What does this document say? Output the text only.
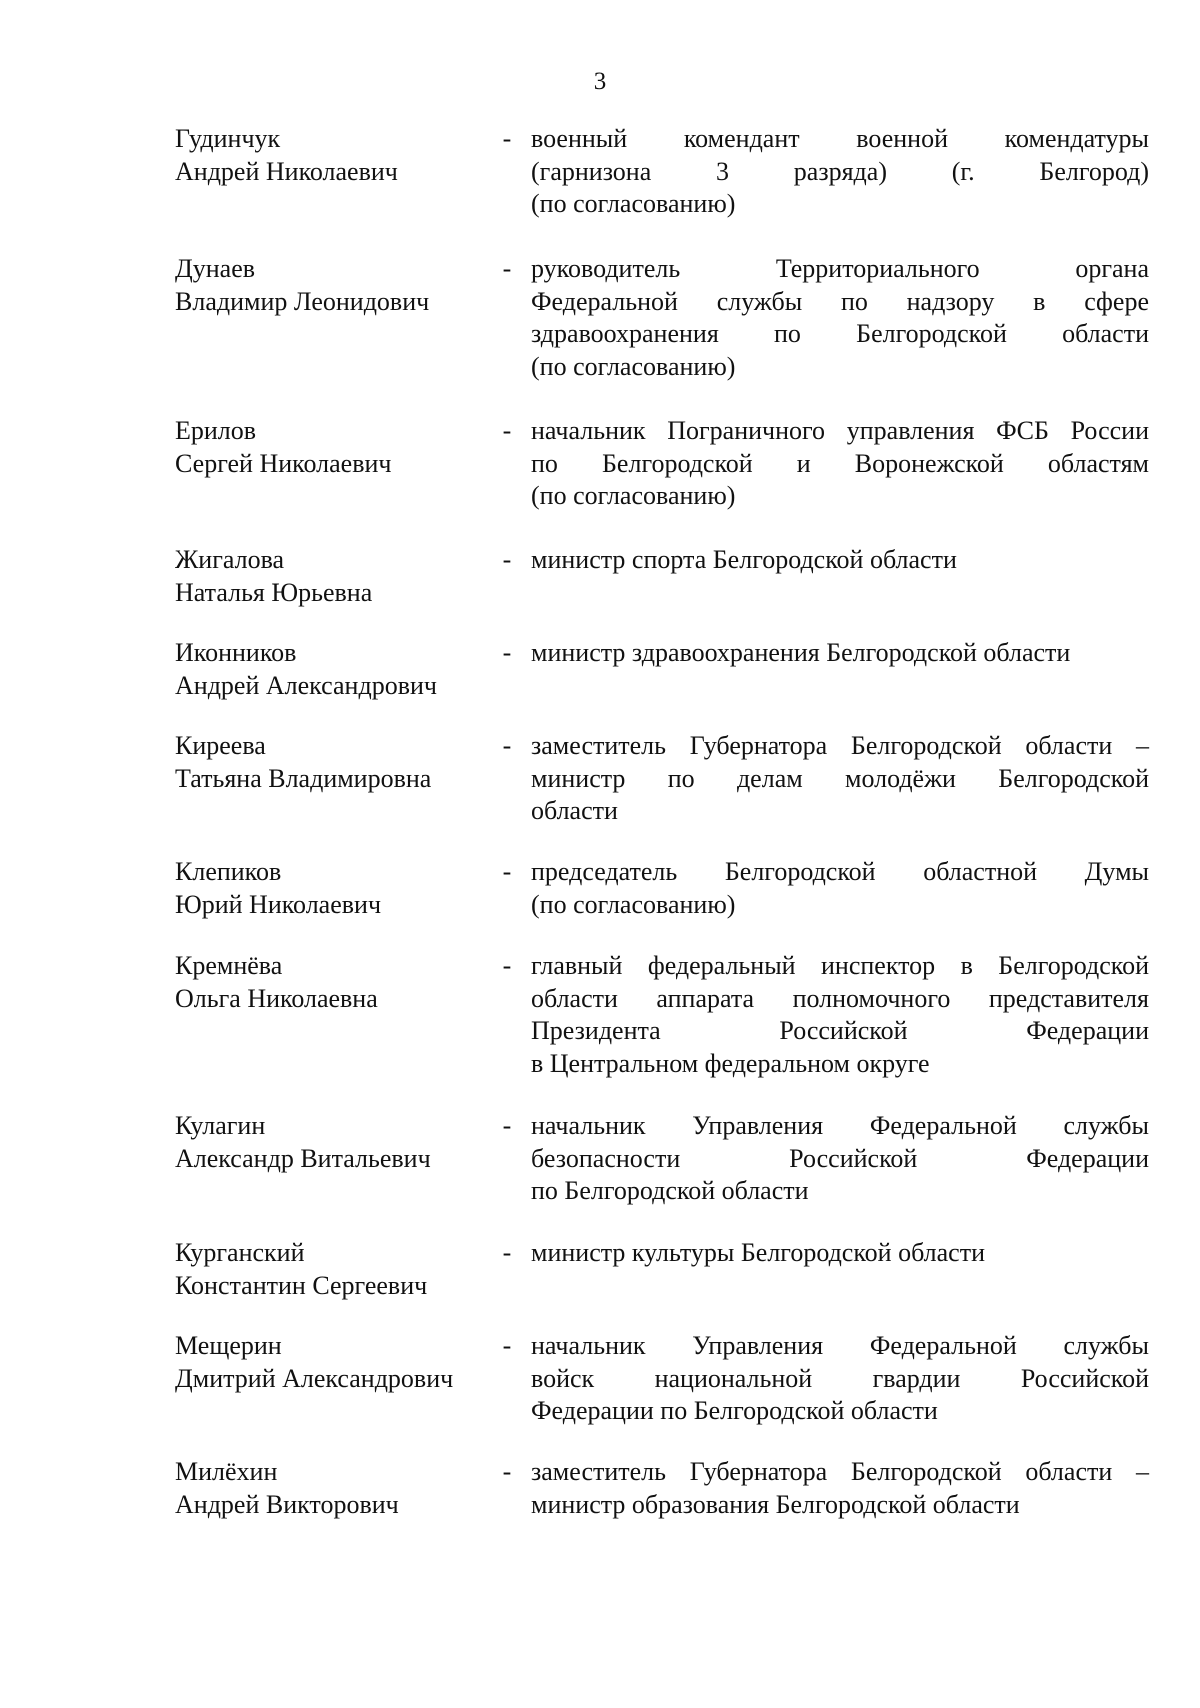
3
Гудинчук
Андрей Николаевич
- военный комендант военной комендатуры
(гарнизона 3 разряда) (г. Белгород)
(по согласованию)
Дунаев
Владимир Леонидович
- руководитель Территориального органа
Федеральной службы по надзору в сфере
здравоохранения по Белгородской области
(по согласованию)
Ерилов
Сергей Николаевич
- начальник Пограничного управления ФСБ России
по Белгородской и Воронежской областям
(по согласованию)
Жигалова
Наталья Юрьевна
- министр спорта Белгородской области
Иконников
Андрей Александрович
- министр здравоохранения Белгородской области
Киреева
Татьяна Владимировна
- заместитель Губернатора Белгородской области –
министр по делам молодёжи Белгородской
области
Клепиков
Юрий Николаевич
- председатель Белгородской областной Думы
(по согласованию)
Кремнёва
Ольга Николаевна
- главный федеральный инспектор в Белгородской
области аппарата полномочного представителя
Президента Российской Федерации
в Центральном федеральном округе
Кулагин
Александр Витальевич
- начальник Управления Федеральной службы
безопасности Российской Федерации
по Белгородской области
Курганский
Константин Сергеевич
- министр культуры Белгородской области
Мещерин
Дмитрий Александрович
- начальник Управления Федеральной службы
войск национальной гвардии Российской
Федерации по Белгородской области
Милёхин
Андрей Викторович
- заместитель Губернатора Белгородской области –
министр образования Белгородской области
